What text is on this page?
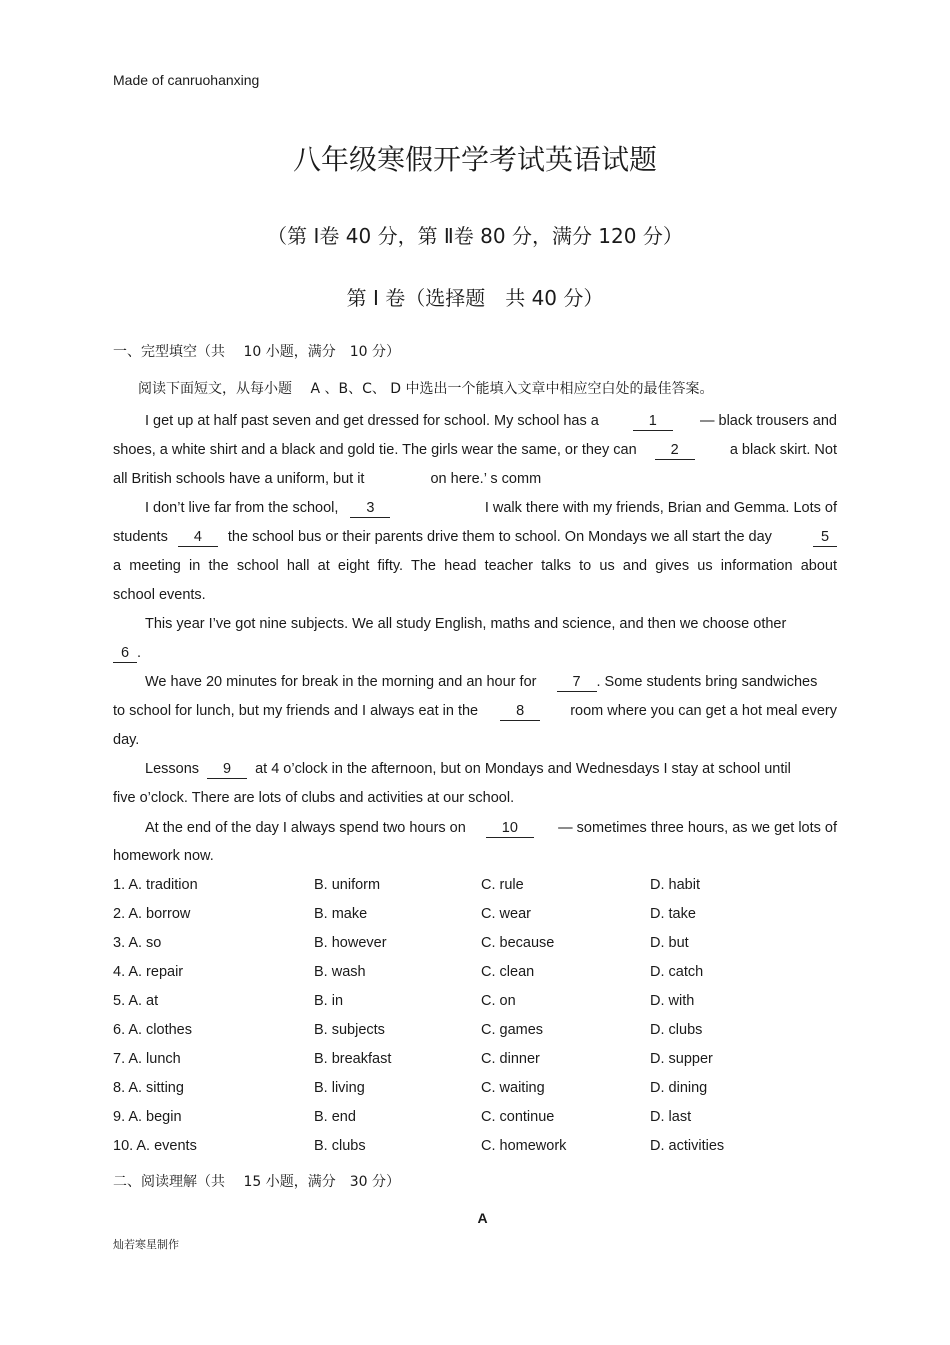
Made of canruohanxing
八年级寒假开学考试英语试题
（第 Ⅰ卷 40 分，第 Ⅱ卷 80 分，满分 120 分）
第 Ⅰ 卷（选择题　共 40 分）
一、完型填空（共　 10 小题，满分　10 分）
阅读下面短文，从每小题　 A 、B、C、 D 中选出一个能填入文章中相应空白处的最佳答案。
I get up at half past seven and get dressed for school. My school has a	1	— black trousers and
shoes, a white shirt and a black and gold tie. The girls wear the same, or they can 2	a black skirt. Not
all British schools have a uniform, but it	on here.’ s comm
I don’t live far from the school, 3	I walk there with my friends, Brian and Gemma. Lots of
students 4 the school bus or their parents drive them to school. On Mondays we all start the day	5
a meeting in the school hall at eight fifty. The head teacher talks to us and gives us information about
school events.
This year I’ve got nine subjects. We all study English, maths and science, and then we choose other
6 .
We have 20 minutes for break in the morning and an hour for 7 . Some students bring sandwiches
to school for lunch, but my friends and I always eat in the	8	room where you can get a hot meal every
day.
Lessons 9 at 4 o’clock in the afternoon, but on Mondays and Wednesdays I stay at school until
five o’clock. There are lots of clubs and activities at our school.
At the end of the day I always spend two hours on 10	— sometimes three hours, as we get lots of
homework now.
1. A. tradition	B. uniform	C. rule	D. habit
2. A. borrow	B. make	C. wear	D. take
3. A. so	B. however	C. because	D. but
4. A. repair	B. wash	C. clean	D. catch
5. A. at	B. in	C. on	D. with
6. A. clothes	B. subjects	C. games	D. clubs
7. A. lunch	B. breakfast	C. dinner	D. supper
8. A. sitting	B. living	C. waiting	D. dining
9. A. begin	B. end	C. continue	D. last
10. A. events	B. clubs	C. homework	D. activities
二、阅读理解（共　 15 小题，满分　30 分）
A
灿若寒星制作
